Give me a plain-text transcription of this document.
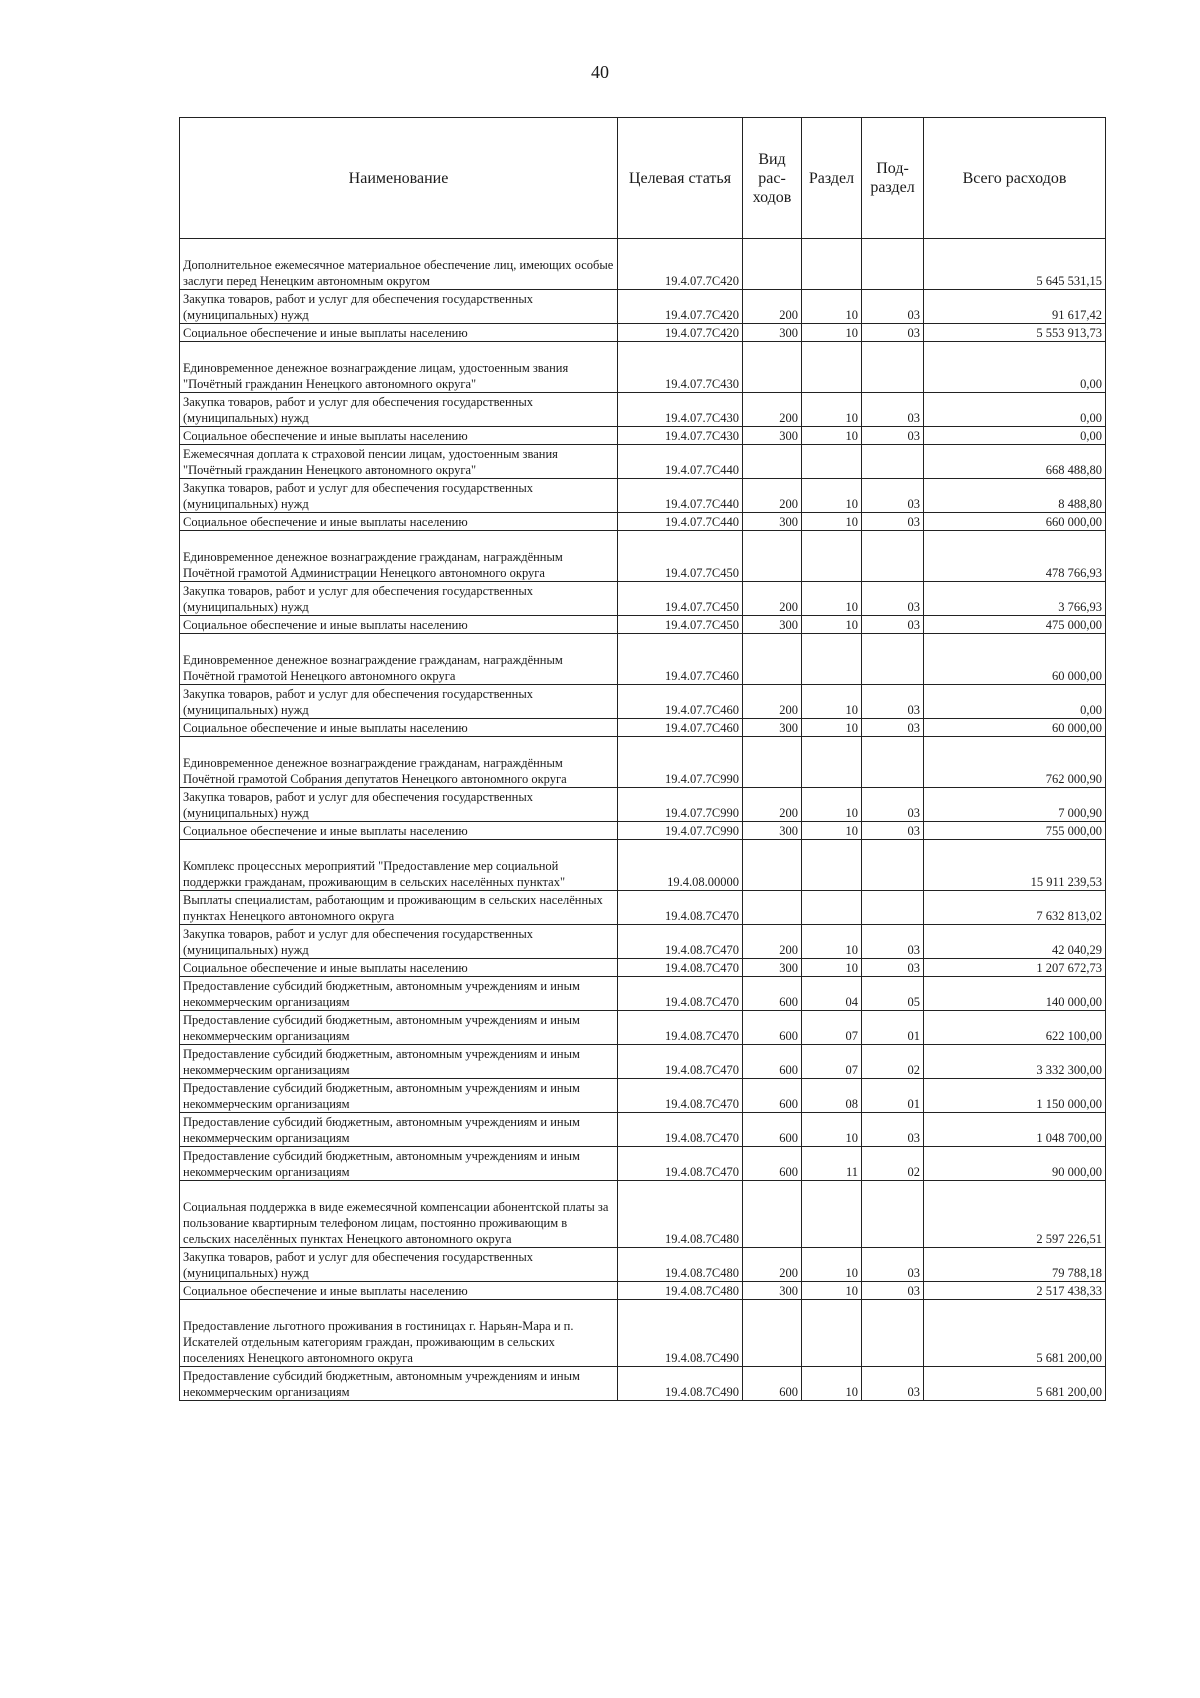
40
Наименование	Целевая статья	Вид рас- ходов	Раздел	Под- раздел	Всего расходов
Дополнительное ежемесячное материальное обеспечение лиц, имеющих особые заслуги перед Ненецким автономным округом	19.4.07.7С420				5 645 531,15
Закупка товаров, работ и услуг для обеспечения государственных (муниципальных) нужд	19.4.07.7С420	200	10	03	91 617,42
Социальное обеспечение и иные выплаты населению	19.4.07.7С420	300	10	03	5 553 913,73
Единовременное денежное вознаграждение лицам, удостоенным звания "Почётный гражданин Ненецкого автономного округа"	19.4.07.7С430				0,00
Закупка товаров, работ и услуг для обеспечения государственных (муниципальных) нужд	19.4.07.7С430	200	10	03	0,00
Социальное обеспечение и иные выплаты населению	19.4.07.7С430	300	10	03	0,00
Ежемесячная доплата к страховой пенсии лицам, удостоенным звания "Почётный гражданин Ненецкого автономного округа"	19.4.07.7С440				668 488,80
Закупка товаров, работ и услуг для обеспечения государственных (муниципальных) нужд	19.4.07.7С440	200	10	03	8 488,80
Социальное обеспечение и иные выплаты населению	19.4.07.7С440	300	10	03	660 000,00
Единовременное денежное вознаграждение гражданам, награждённым Почётной грамотой Администрации Ненецкого автономного округа	19.4.07.7С450				478 766,93
Закупка товаров, работ и услуг для обеспечения государственных (муниципальных) нужд	19.4.07.7С450	200	10	03	3 766,93
Социальное обеспечение и иные выплаты населению	19.4.07.7С450	300	10	03	475 000,00
Единовременное денежное вознаграждение гражданам, награждённым Почётной грамотой Ненецкого автономного округа	19.4.07.7С460				60 000,00
Закупка товаров, работ и услуг для обеспечения государственных (муниципальных) нужд	19.4.07.7С460	200	10	03	0,00
Социальное обеспечение и иные выплаты населению	19.4.07.7С460	300	10	03	60 000,00
Единовременное денежное вознаграждение гражданам, награждённым Почётной грамотой Собрания депутатов Ненецкого автономного округа	19.4.07.7С990				762 000,90
Закупка товаров, работ и услуг для обеспечения государственных (муниципальных) нужд	19.4.07.7С990	200	10	03	7 000,90
Социальное обеспечение и иные выплаты населению	19.4.07.7С990	300	10	03	755 000,00
Комплекс процессных мероприятий "Предоставление мер социальной поддержки гражданам, проживающим в сельских населённых пунктах"	19.4.08.00000				15 911 239,53
Выплаты специалистам, работающим и проживающим в сельских населённых пунктах Ненецкого автономного округа	19.4.08.7С470				7 632 813,02
Закупка товаров, работ и услуг для обеспечения государственных (муниципальных) нужд	19.4.08.7С470	200	10	03	42 040,29
Социальное обеспечение и иные выплаты населению	19.4.08.7С470	300	10	03	1 207 672,73
Предоставление субсидий бюджетным, автономным учреждениям и иным некоммерческим организациям	19.4.08.7С470	600	04	05	140 000,00
Предоставление субсидий бюджетным, автономным учреждениям и иным некоммерческим организациям	19.4.08.7С470	600	07	01	622 100,00
Предоставление субсидий бюджетным, автономным учреждениям и иным некоммерческим организациям	19.4.08.7С470	600	07	02	3 332 300,00
Предоставление субсидий бюджетным, автономным учреждениям и иным некоммерческим организациям	19.4.08.7С470	600	08	01	1 150 000,00
Предоставление субсидий бюджетным, автономным учреждениям и иным некоммерческим организациям	19.4.08.7С470	600	10	03	1 048 700,00
Предоставление субсидий бюджетным, автономным учреждениям и иным некоммерческим организациям	19.4.08.7С470	600	11	02	90 000,00
Социальная поддержка в виде ежемесячной компенсации абонентской платы за пользование квартирным телефоном лицам, постоянно проживающим в сельских населённых пунктах Ненецкого автономного округа	19.4.08.7С480				2 597 226,51
Закупка товаров, работ и услуг для обеспечения государственных (муниципальных) нужд	19.4.08.7С480	200	10	03	79 788,18
Социальное обеспечение и иные выплаты населению	19.4.08.7С480	300	10	03	2 517 438,33
Предоставление льготного проживания в гостиницах г. Нарьян-Мара и п. Искателей отдельным категориям граждан, проживающим в сельских поселениях Ненецкого автономного округа	19.4.08.7С490				5 681 200,00
Предоставление субсидий бюджетным, автономным учреждениям и иным некоммерческим организациям	19.4.08.7С490	600	10	03	5 681 200,00
